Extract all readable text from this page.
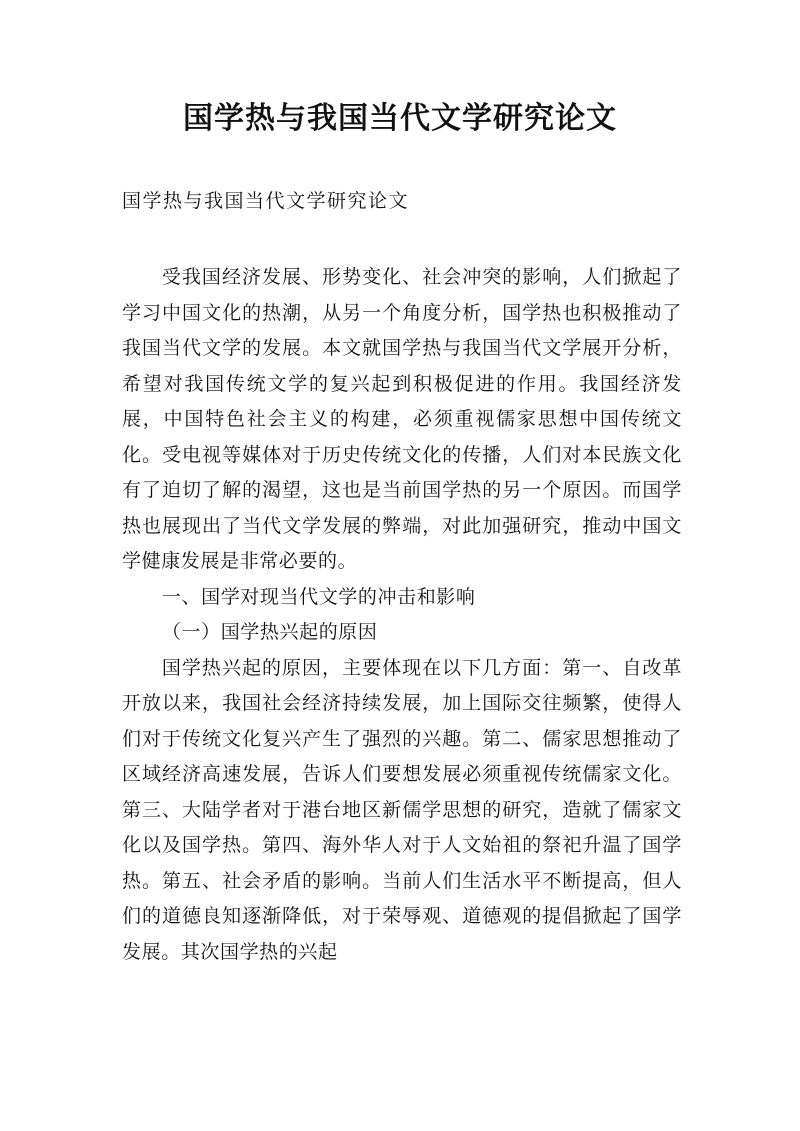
国学热与我国当代文学研究论文

国学热与我国当代文学研究论文

受我国经济发展、形势变化、社会冲突的影响，人们掀起了学习中国文化的热潮，从另一个角度分析，国学热也积极推动了我国当代文学的发展。本文就国学热与我国当代文学展开分析，希望对我国传统文学的复兴起到积极促进的作用。我国经济发展，中国特色社会主义的构建，必须重视儒家思想中国传统文化。受电视等媒体对于历史传统文化的传播，人们对本民族文化有了迫切了解的渴望，这也是当前国学热的另一个原因。而国学热也展现出了当代文学发展的弊端，对此加强研究，推动中国文学健康发展是非常必要的。

一、国学对现当代文学的冲击和影响

（一）国学热兴起的原因

国学热兴起的原因，主要体现在以下几方面：第一、自改革开放以来，我国社会经济持续发展，加上国际交往频繁，使得人们对于传统文化复兴产生了强烈的兴趣。第二、儒家思想推动了区域经济高速发展，告诉人们要想发展必须重视传统儒家文化。第三、大陆学者对于港台地区新儒学思想的研究，造就了儒家文化以及国学热。第四、海外华人对于人文始祖的祭祀升温了国学热。第五、社会矛盾的影响。当前人们生活水平不断提高，但人们的道德良知逐渐降低，对于荣辱观、道德观的提倡掀起了国学发展。其次国学热的兴起
